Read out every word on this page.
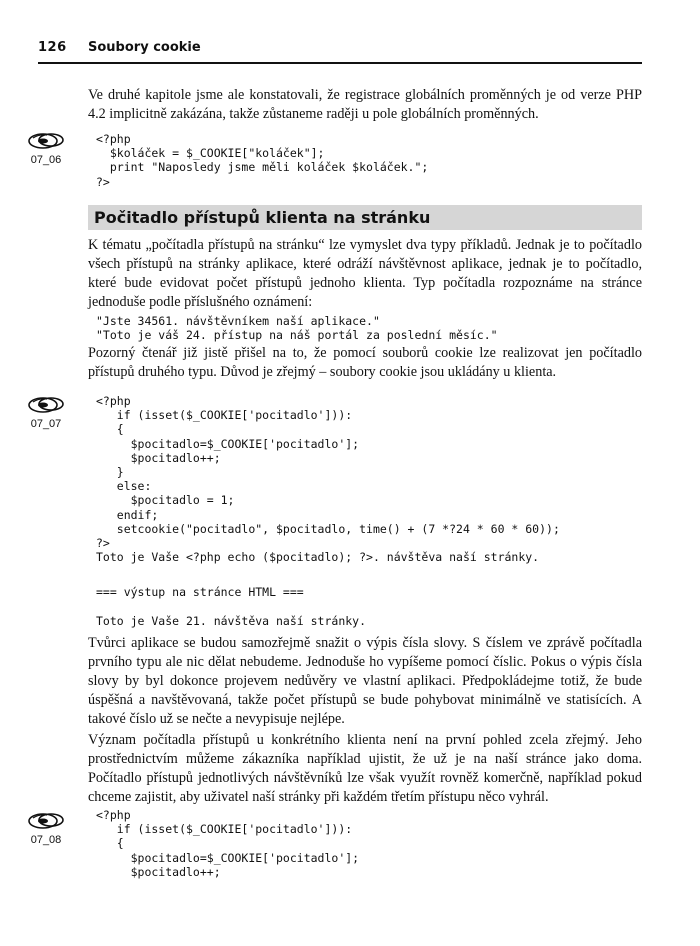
126 Soubory cookie

Ve druhé kapitole jsme ale konstatovali, že registrace globálních proměnných je od verze PHP 4.2 implicitně zakázána, takže zůstaneme raději u pole globálních proměnných.

07_06
<?php
$koláček = $_COOKIE["koláček"];
print "Naposledy jsme měli koláček $koláček.";
?>
Počitadlo přístupů klienta na stránku

K tématu „počítadla přístupů na stránku“ lze vymyslet dva typy příkladů. Jednak je to počítadlo všech přístupů na stránky aplikace, které odráží návštěvnost aplikace, jednak je to počítadlo, které bude evidovat počet přístupů jednoho klienta. Typ počítadla rozpoznáme na stránce jednoduše podle příslušného oznámení:

"Jste 34561. návštěvníkem naší aplikace."
"Toto je váš 24. přístup na náš portál za poslední měsíc."

Pozorný čtenář již jistě přišel na to, že pomocí souborů cookie lze realizovat jen počítadlo přístupů druhého typu. Důvod je zřejmý – soubory cookie jsou ukládány u klienta.

07_07
<?php
if (isset($_COOKIE['pocitadlo'])):
{
$pocitadlo=$_COOKIE['pocitadlo'];
$pocitadlo++;
}
else:
$pocitadlo = 1;
endif;
setcookie("pocitadlo", $pocitadlo, time() + (7 *?24 * 60 * 60));
?>
Toto je Vaše <?php echo ($pocitadlo); ?>. návštěva naší stránky.
=== výstup na stránce HTML ===
Toto je Vaše 21. návštěva naší stránky.

Tvůrci aplikace se budou samozřejmě snažit o výpis čísla slovy. S číslem ve zprávě počítadla prvního typu ale nic dělat nebudeme. Jednoduše ho vypíšeme pomocí číslic. Pokus o výpis čísla slovy by byl dokonce projevem nedůvěry ve vlastní aplikaci. Předpokládejme totiž, že bude úspěšná a navštěvovaná, takže počet přístupů se bude pohybovat minimálně ve statisících. A takové číslo už se nečte a nevypisuje nejlépe.

Význam počítadla přístupů u konkrétního klienta není na první pohled zcela zřejmý. Jeho prostřednictvím můžeme zákazníka například ujistit, že už je na naší stránce jako doma. Počítadlo přístupů jednotlivých návštěvníků lze však využít rovněž komerčně, například pokud chceme zajistit, aby uživatel naší stránky při každém třetím přístupu něco vyhrál.

07_08
<?php
if (isset($_COOKIE['pocitadlo'])):
{
$pocitadlo=$_COOKIE['pocitadlo'];
$pocitadlo++;
